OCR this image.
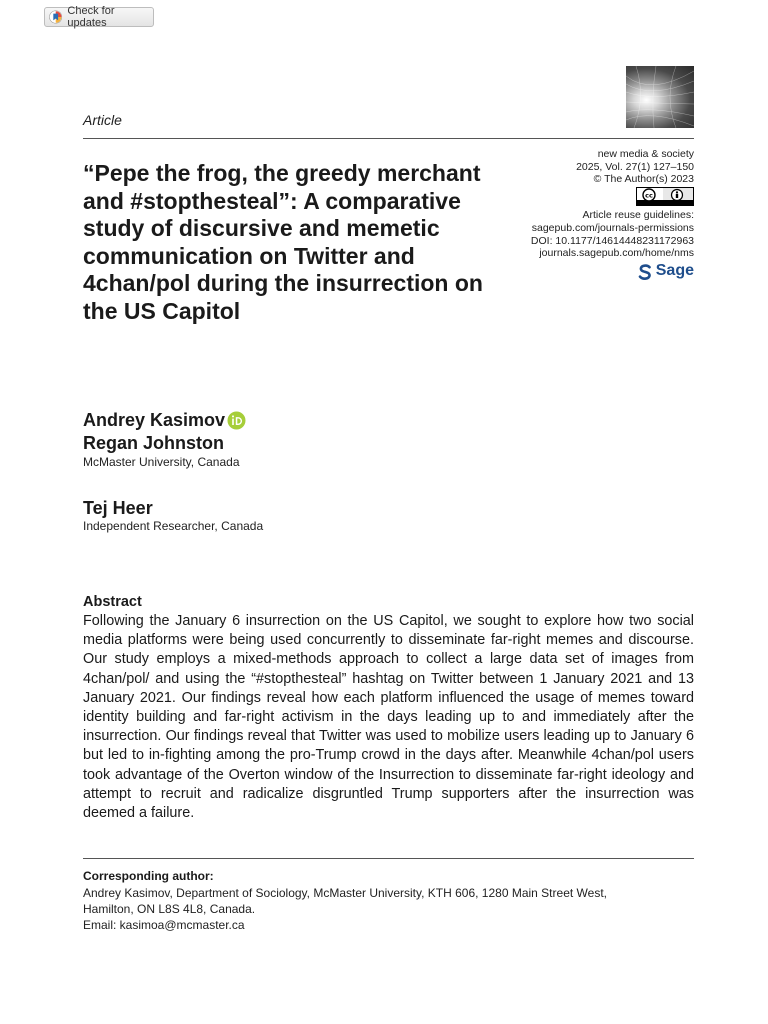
Check for updates
Article
new media & society
2025, Vol. 27(1) 127–150
© The Author(s) 2023
cc
Article reuse guidelines:
sagepub.com/journals-permissions
DOI: 10.1177/14614448231172963
journals.sagepub.com/home/nms
Sage
“Pepe the frog, the greedy merchant and #stopthesteal”: A comparative study of discursive and memetic communication on Twitter and 4chan/pol during the insurrection on the US Capitol
Andrey Kasimov
Regan Johnston
McMaster University, Canada
Tej Heer
Independent Researcher, Canada
Abstract

Following the January 6 insurrection on the US Capitol, we sought to explore how two social media platforms were being used concurrently to disseminate far-right memes and discourse. Our study employs a mixed-methods approach to collect a large data set of images from 4chan/pol/ and using the “#stopthesteal” hashtag on Twitter between 1 January 2021 and 13 January 2021. Our findings reveal how each platform influenced the usage of memes toward identity building and far-right activism in the days leading up to and immediately after the insurrection. Our findings reveal that Twitter was used to mobilize users leading up to January 6 but led to in-fighting among the pro-Trump crowd in the days after. Meanwhile 4chan/pol users took advantage of the Overton window of the Insurrection to disseminate far-right ideology and attempt to recruit and radicalize disgruntled Trump supporters after the insurrection was deemed a failure.

Corresponding author:
Andrey Kasimov, Department of Sociology, McMaster University, KTH 606, 1280 Main Street West,
Hamilton, ON L8S 4L8, Canada.
Email: kasimoa@mcmaster.ca
